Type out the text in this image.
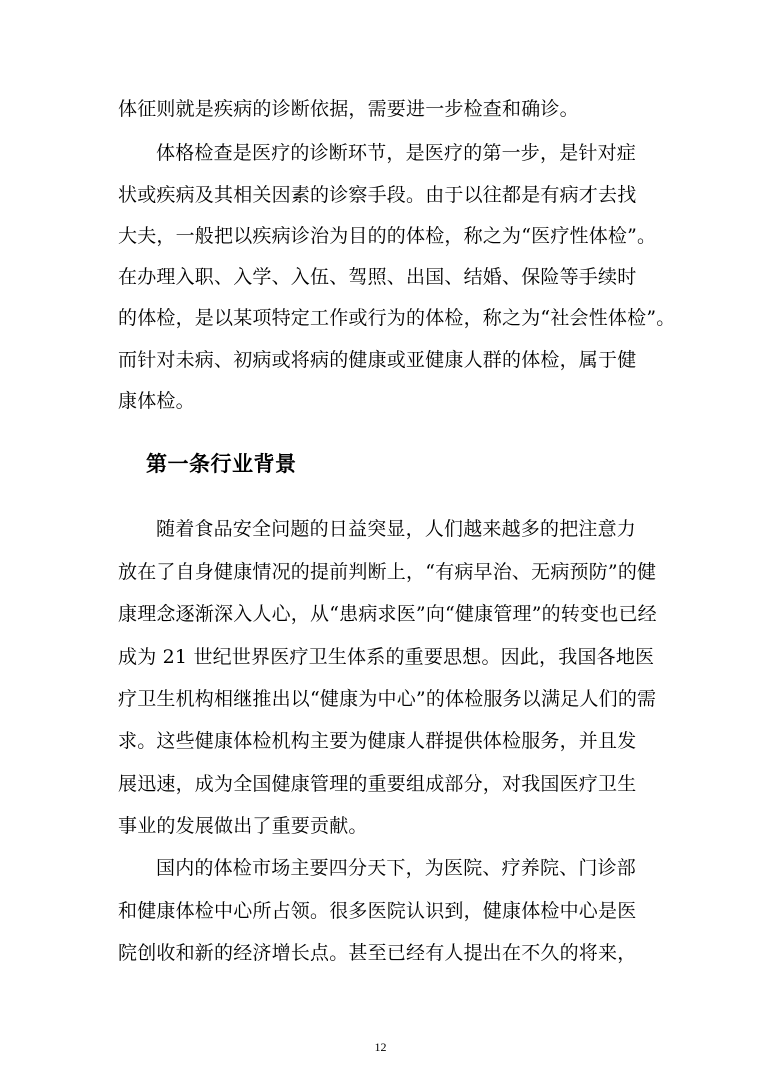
体征则就是疾病的诊断依据，需要进一步检查和确诊。
体格检查是医疗的诊断环节，是医疗的第一步，是针对症
状或疾病及其相关因素的诊察手段。由于以往都是有病才去找
大夫，一般把以疾病诊治为目的的体检，称之为“医疗性体检”。
在办理入职、入学、入伍、驾照、出国、结婚、保险等手续时
的体检，是以某项特定工作或行为的体检，称之为“社会性体检”。
而针对未病、初病或将病的健康或亚健康人群的体检，属于健
康体检。
第一条行业背景
随着食品安全问题的日益突显，人们越来越多的把注意力
放在了自身健康情况的提前判断上，“有病早治、无病预防”的健
康理念逐渐深入人心，从“患病求医”向“健康管理”的转变也已经
成为 21 世纪世界医疗卫生体系的重要思想。因此，我国各地医
疗卫生机构相继推出以“健康为中心”的体检服务以满足人们的需
求。这些健康体检机构主要为健康人群提供体检服务，并且发
展迅速，成为全国健康管理的重要组成部分，对我国医疗卫生
事业的发展做出了重要贡献。
国内的体检市场主要四分天下，为医院、疗养院、门诊部
和健康体检中心所占领。很多医院认识到，健康体检中心是医
院创收和新的经济增长点。甚至已经有人提出在不久的将来，
12
